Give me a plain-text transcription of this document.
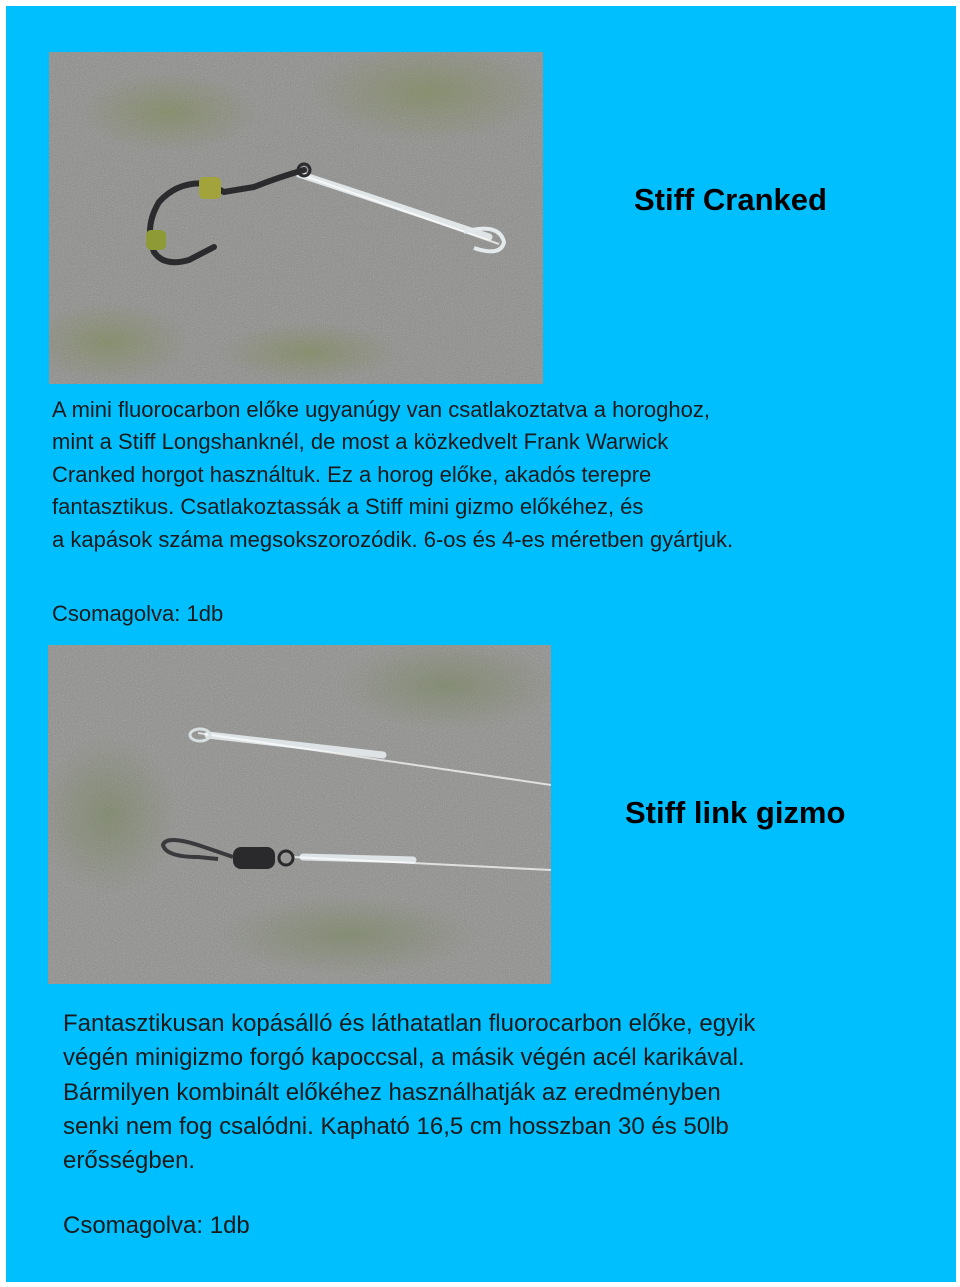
Stiff Cranked
A mini fluorocarbon előke ugyanúgy van csatlakoztatva a horoghoz,
mint a Stiff Longshanknél, de most a közkedvelt Frank Warwick
Cranked horgot használtuk. Ez a horog előke, akadós terepre
fantasztikus. Csatlakoztassák a Stiff mini gizmo előkéhez, és
a kapások száma megsokszorozódik. 6-os és 4-es méretben gyártjuk.
Csomagolva: 1db
Stiff link gizmo
Fantasztikusan kopásálló és láthatatlan fluorocarbon előke, egyik
végén minigizmo forgó kapoccsal, a másik végén acél karikával.
Bármilyen kombinált előkéhez használhatják az eredményben
senki nem fog csalódni. Kapható 16,5 cm hosszban 30 és 50lb
erősségben.
Csomagolva: 1db
